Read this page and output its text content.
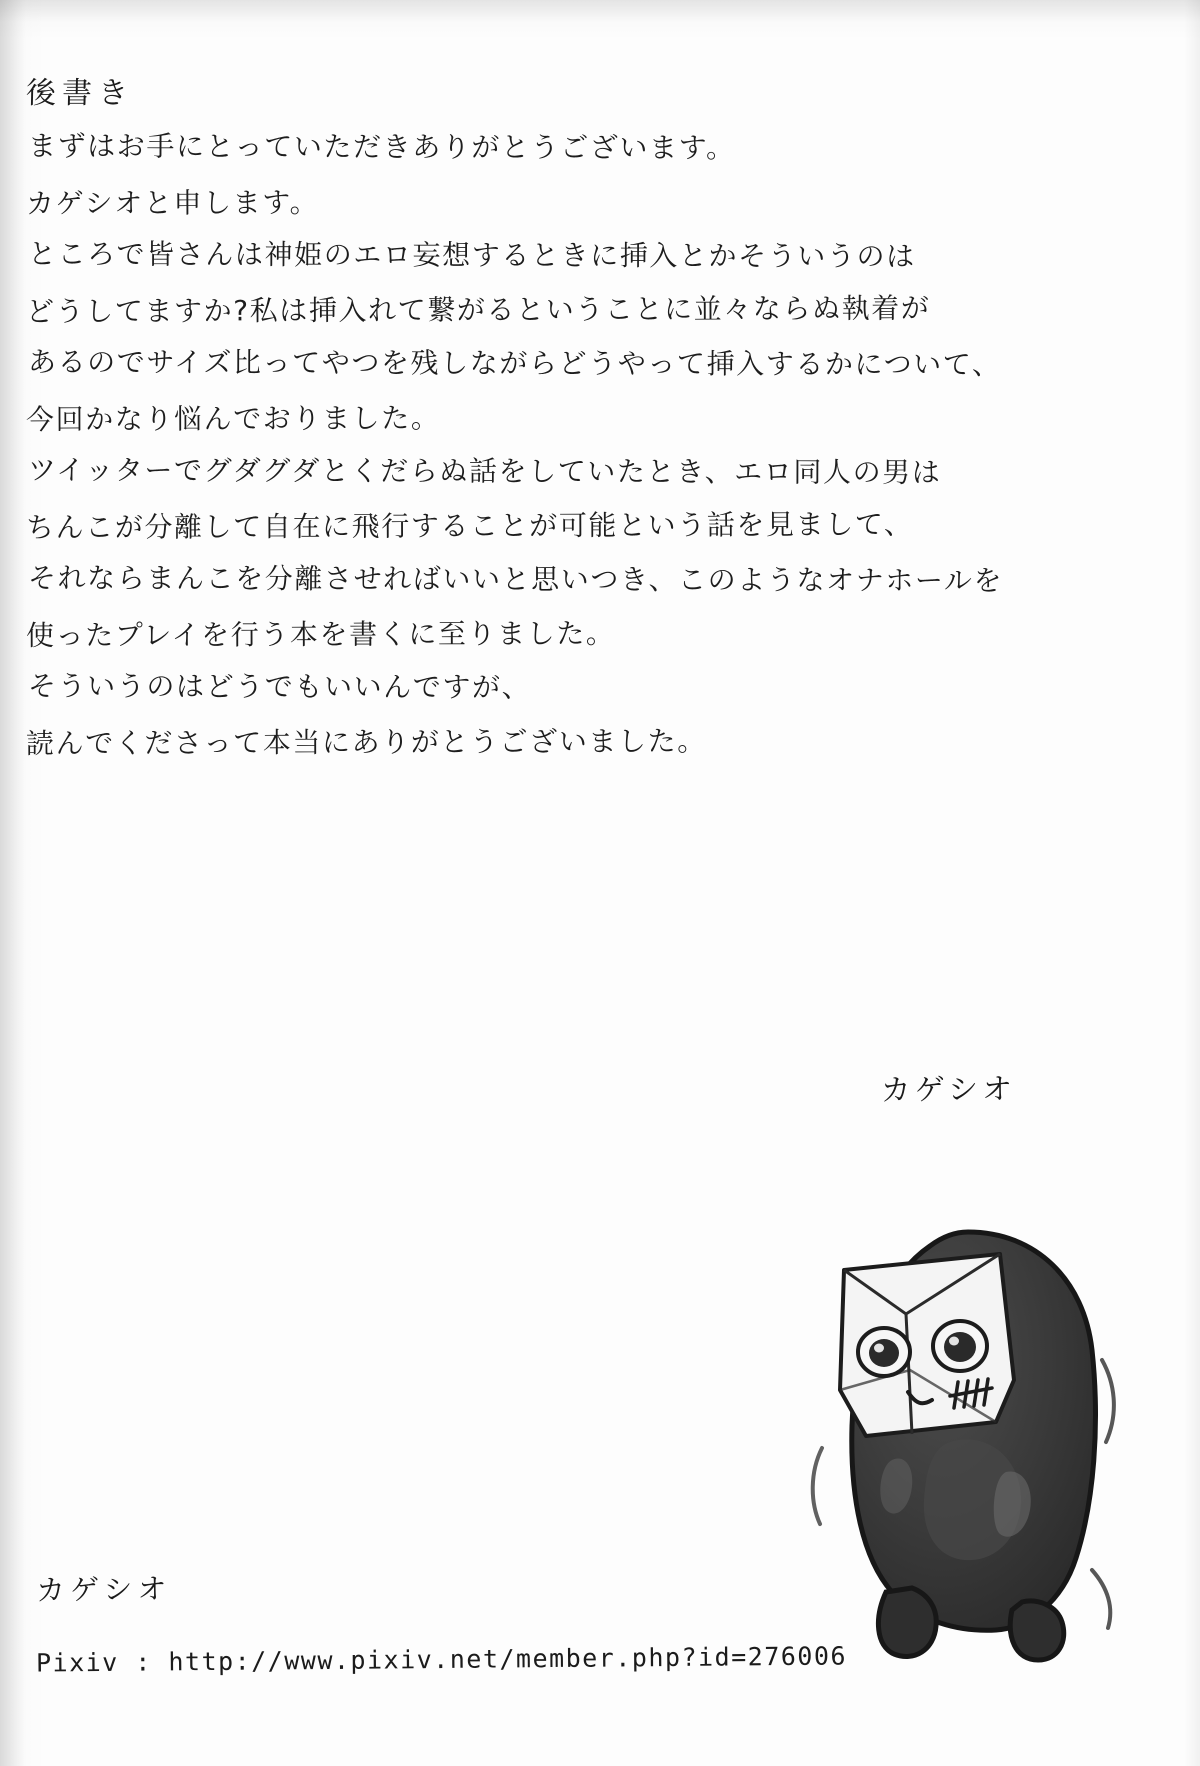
後書き
まずはお手にとっていただきありがとうございます。
カゲシオと申します。
ところで皆さんは神姫のエロ妄想するときに挿入とかそういうのは
どうしてますか?私は挿入れて繋がるということに並々ならぬ執着が
あるのでサイズ比ってやつを残しながらどうやって挿入するかについて、
今回かなり悩んでおりました。
ツイッターでグダグダとくだらぬ話をしていたとき、エロ同人の男は
ちんこが分離して自在に飛行することが可能という話を見まして、
それならまんこを分離させればいいと思いつき、このようなオナホールを
使ったプレイを行う本を書くに至りました。
そういうのはどうでもいいんですが、
読んでくださって本当にありがとうございました。
カゲシオ
カゲシオ
Pixiv : http://www.pixiv.net/member.php?id=276006
